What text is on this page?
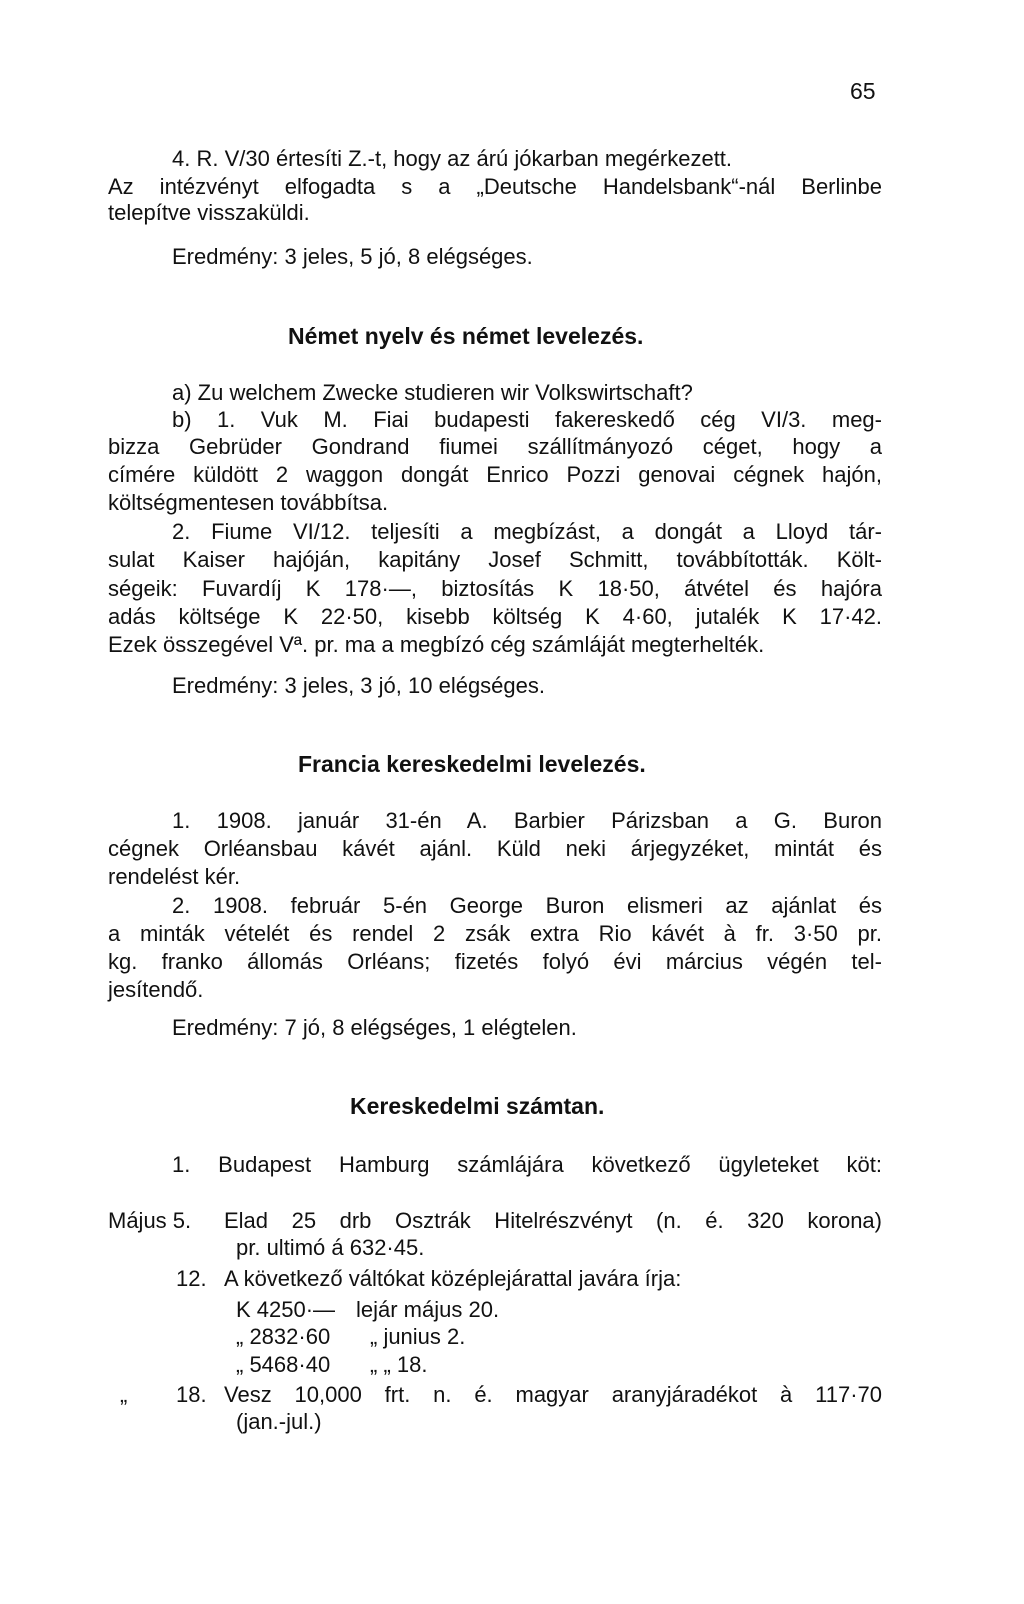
65
4. R. V/30 értesíti Z.-t, hogy az árú jókarban megérkezett.
Az intézvényt elfogadta s a „Deutsche Handelsbank“-nál Berlinbe
telepítve visszaküldi.
Eredmény: 3 jeles, 5 jó, 8 elégséges.
Német nyelv és német levelezés.
a) Zu welchem Zwecke studieren wir Volkswirtschaft?
b) 1. Vuk M. Fiai budapesti fakereskedő cég VI/3. meg-
bizza Gebrüder Gondrand fiumei szállítmányozó céget, hogy a
címére küldött 2 waggon dongát Enrico Pozzi genovai cégnek hajón,
költségmentesen továbbítsa.
2. Fiume VI/12. teljesíti a megbízást, a dongát a Lloyd tár-
sulat Kaiser hajóján, kapitány Josef Schmitt, továbbították. Költ-
ségeik: Fuvardíj K 178·—, biztosítás K 18·50, átvétel és hajóra
adás költsége K 22·50, kisebb költség K 4·60, jutalék K 17·42.
Ezek összegével Vª. pr. ma a megbízó cég számláját megterhelték.
Eredmény: 3 jeles, 3 jó, 10 elégséges.
Francia kereskedelmi levelezés.
1. 1908. január 31-én A. Barbier Párizsban a G. Buron
cégnek Orléansbau kávét ajánl. Küld neki árjegyzéket, mintát és
rendelést kér.
2. 1908. február 5-én George Buron elismeri az ajánlat és
a minták vételét és rendel 2 zsák extra Rio kávét à fr. 3·50 pr.
kg. franko állomás Orléans; fizetés folyó évi március végén tel-
jesítendő.
Eredmény: 7 jó, 8 elégséges, 1 elégtelen.
Kereskedelmi számtan.
1. Budapest Hamburg számlájára következő ügyleteket köt:
Május 5. Elad 25 drb Osztrák Hitelrészvényt (n. é. 320 korona)
pr. ultimó á 632·45.
12. A következő váltókat középlejárattal javára írja:
K 4250·— lejár május 20.
„ 2832·60 „ junius 2.
„ 5468·40 „ „ 18.
„ 18. Vesz 10,000 frt. n. é. magyar aranyjáradékot à 117·70
(jan.-jul.)
